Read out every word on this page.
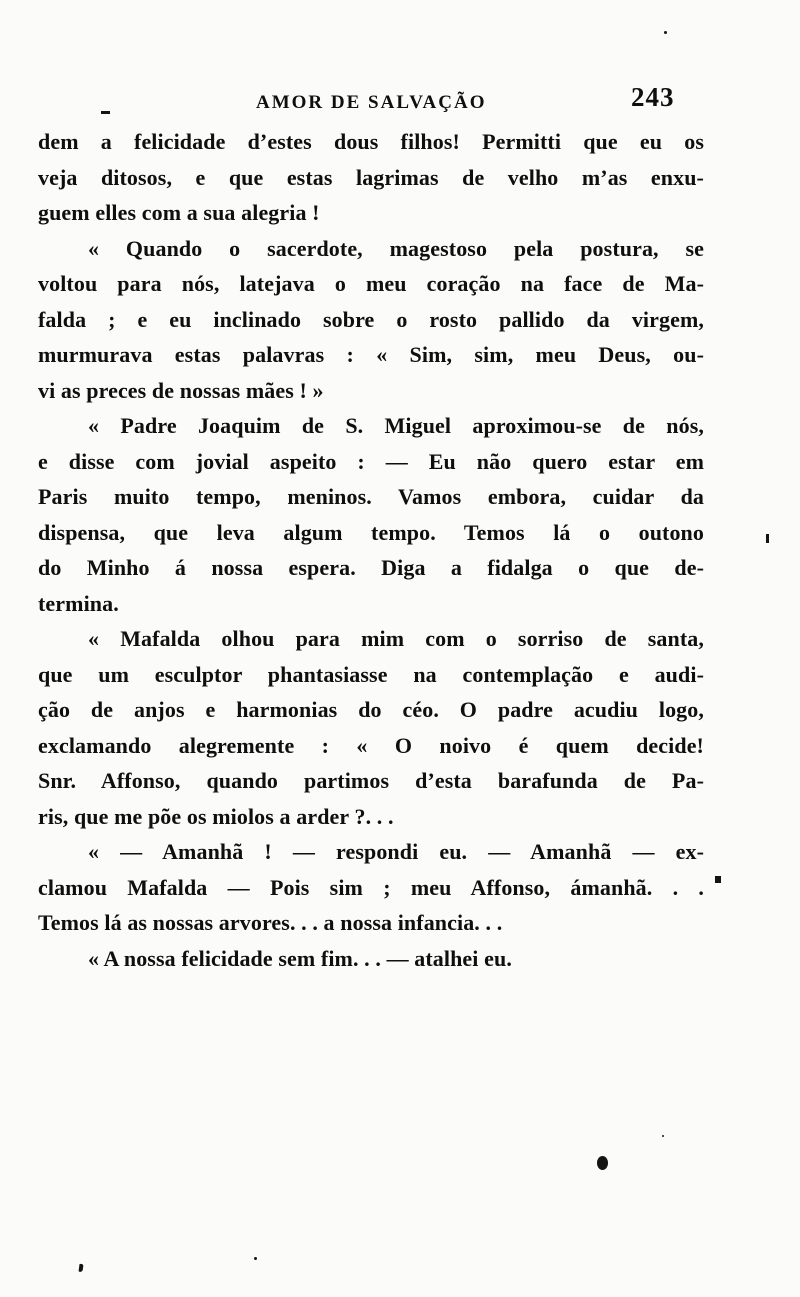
AMOR DE SALVAÇÃO	243
dem a felicidade d’estes dous filhos! Permitti que eu os
veja ditosos, e que estas lagrimas de velho m’as enxu-
guem elles com a sua alegria !
« Quando o sacerdote, magestoso pela postura, se
voltou para nós, latejava o meu coração na face de Ma-
falda ; e eu inclinado sobre o rosto pallido da virgem,
murmurava estas palavras : « Sim, sim, meu Deus, ou-
vi as preces de nossas mães ! »
« Padre Joaquim de S. Miguel aproximou-se de nós,
e disse com jovial aspeito : — Eu não quero estar em
Paris muito tempo, meninos. Vamos embora, cuidar da
dispensa, que leva algum tempo. Temos lá o outono
do Minho á nossa espera. Diga a fidalga o que de-
termina.
« Mafalda olhou para mim com o sorriso de santa,
que um esculptor phantasiasse na contemplação e audi-
ção de anjos e harmonias do céo. O padre acudiu logo,
exclamando alegremente : « O noivo é quem decide!
Snr. Affonso, quando partimos d’esta barafunda de Pa-
ris, que me põe os miolos a arder ?. . .
« — Amanhã ! — respondi eu. — Amanhã — ex-
clamou Mafalda — Pois sim ; meu Affonso, ámanhã. . .
Temos lá as nossas arvores. . . a nossa infancia. . .
« A nossa felicidade sem fim. . . — atalhei eu.
